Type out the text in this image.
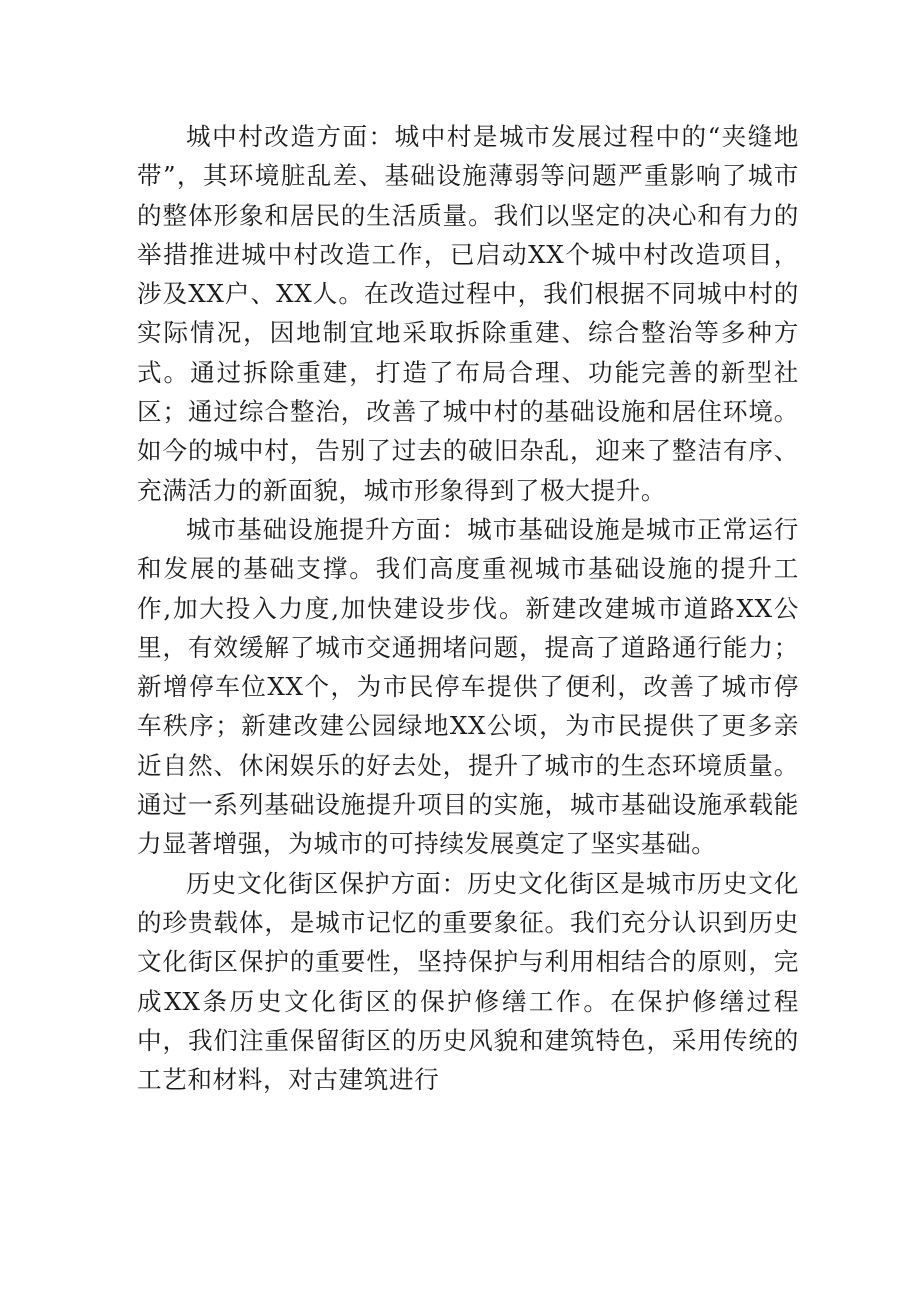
城中村改造方面：城中村是城市发展过程中的“夹缝地带”，其环境脏乱差、基础设施薄弱等问题严重影响了城市的整体形象和居民的生活质量。我们以坚定的决心和有力的举措推进城中村改造工作，已启动XX个城中村改造项目，涉及XX户、XX人。在改造过程中，我们根据不同城中村的实际情况，因地制宜地采取拆除重建、综合整治等多种方式。通过拆除重建，打造了布局合理、功能完善的新型社区；通过综合整治，改善了城中村的基础设施和居住环境。如今的城中村，告别了过去的破旧杂乱，迎来了整洁有序、充满活力的新面貌，城市形象得到了极大提升。

城市基础设施提升方面：城市基础设施是城市正常运行和发展的基础支撑。我们高度重视城市基础设施的提升工作,加大投入力度,加快建设步伐。新建改建城市道路XX公里，有效缓解了城市交通拥堵问题，提高了道路通行能力；新增停车位XX个，为市民停车提供了便利，改善了城市停车秩序；新建改建公园绿地XX公顷，为市民提供了更多亲近自然、休闲娱乐的好去处，提升了城市的生态环境质量。通过一系列基础设施提升项目的实施，城市基础设施承载能力显著增强，为城市的可持续发展奠定了坚实基础。

历史文化街区保护方面：历史文化街区是城市历史文化的珍贵载体，是城市记忆的重要象征。我们充分认识到历史文化街区保护的重要性，坚持保护与利用相结合的原则，完成XX条历史文化街区的保护修缮工作。在保护修缮过程中，我们注重保留街区的历史风貌和建筑特色，采用传统的工艺和材料，对古建筑进行
